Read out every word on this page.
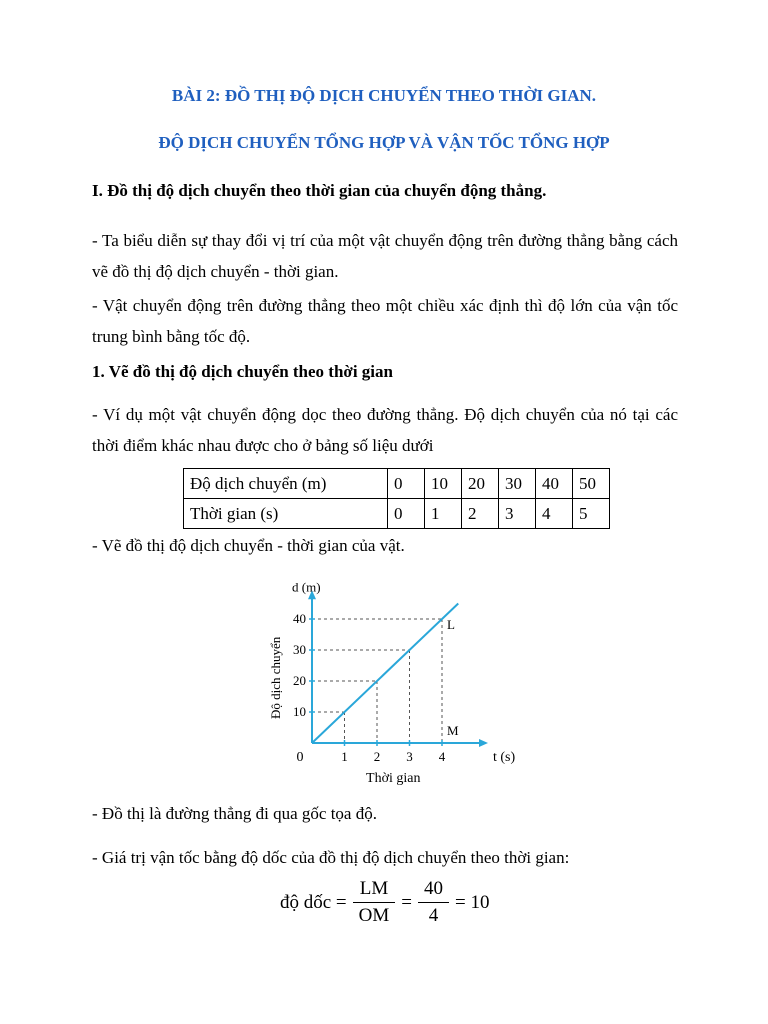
BÀI 2: ĐỒ THỊ ĐỘ DỊCH CHUYỂN THEO THỜI GIAN.
ĐỘ DỊCH CHUYỂN TỔNG HỢP VÀ VẬN TỐC TỔNG HỢP
I. Đồ thị độ dịch chuyển theo thời gian của chuyển động thẳng.
- Ta biểu diễn sự thay đổi vị trí của một vật chuyển động trên đường thẳng bằng cách vẽ đồ thị độ dịch chuyển - thời gian.
- Vật chuyển động trên đường thẳng theo một chiều xác định thì độ lớn của vận tốc trung bình bằng tốc độ.
1. Vẽ đồ thị độ dịch chuyển theo thời gian
- Ví dụ một vật chuyển động dọc theo đường thẳng. Độ dịch chuyển của nó tại các thời điểm khác nhau được cho ở bảng số liệu dưới
Độ dịch chuyển (m)	0	10	20	30	40	50
Thời gian (s)	0	1	2	3	4	5
- Vẽ đồ thị độ dịch chuyển - thời gian của vật.
1 2 3 4
10
20
30
40
0
d (m)
t (s)
Thời gian
Độ dịch chuyển
L
M
- Đồ thị là đường thẳng đi qua gốc tọa độ.
- Giá trị vận tốc bằng độ dốc của đồ thị độ dịch chuyển theo thời gian:
độ dốc = $\frac{LM}{OM} = \frac{40}{4} = 10$
